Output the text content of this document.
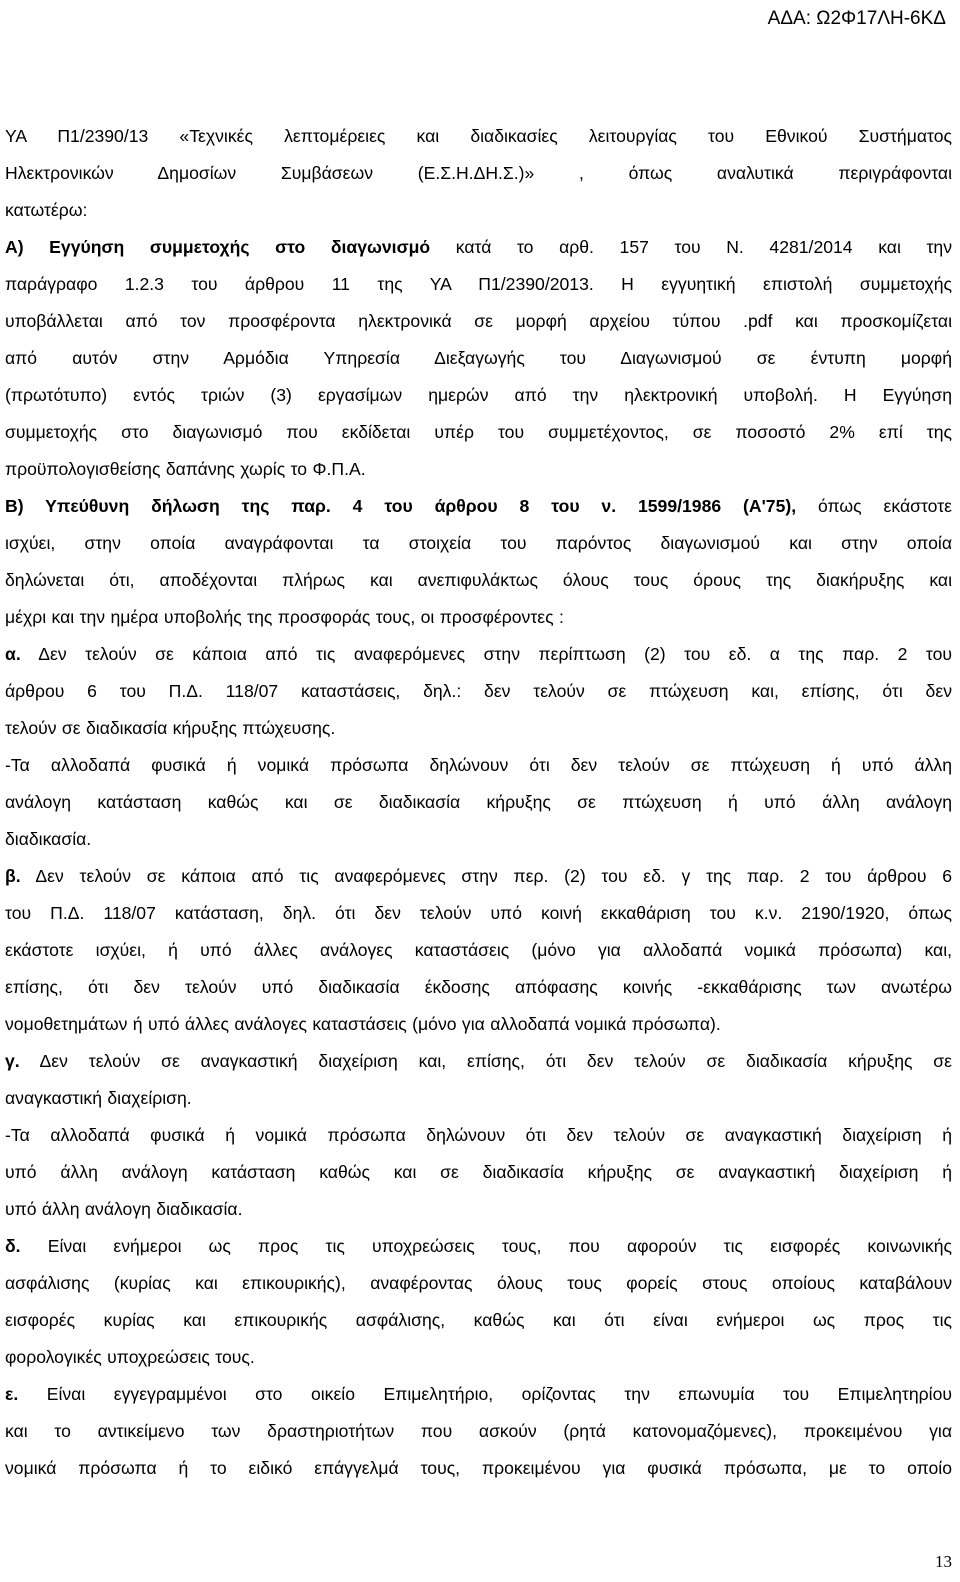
ΑΔΑ: Ω2Φ17ΛΗ-6ΚΔ
ΥΑ Π1/2390/13 «Τεχνικές λεπτομέρειες και διαδικασίες λειτουργίας του Εθνικού Συστήματος
Ηλεκτρονικών Δημοσίων Συμβάσεων (Ε.Σ.Η.ΔΗ.Σ.)» , όπως αναλυτικά περιγράφονται
κατωτέρω:
Α) Εγγύηση συμμετοχής στο διαγωνισμό κατά το αρθ. 157 του Ν. 4281/2014 και την
παράγραφο 1.2.3 του άρθρου 11 της ΥΑ Π1/2390/2013. Η εγγυητική επιστολή συμμετοχής
υποβάλλεται από τον προσφέροντα ηλεκτρονικά σε μορφή αρχείου τύπου .pdf και προσκομίζεται
από αυτόν στην Αρμόδια Υπηρεσία Διεξαγωγής του Διαγωνισμού σε έντυπη μορφή
(πρωτότυπο) εντός τριών (3) εργασίμων ημερών από την ηλεκτρονική υποβολή. Η Εγγύηση
συμμετοχής στο διαγωνισμό που εκδίδεται υπέρ του συμμετέχοντος, σε ποσοστό 2% επί της
προϋπολογισθείσης δαπάνης χωρίς το Φ.Π.Α.
Β) Υπεύθυνη δήλωση της παρ. 4 του άρθρου 8 του ν. 1599/1986 (Α'75), όπως εκάστοτε
ισχύει, στην οποία αναγράφονται τα στοιχεία του παρόντος διαγωνισμού και στην οποία
δηλώνεται ότι, αποδέχονται πλήρως και ανεπιφυλάκτως όλους τους όρους της διακήρυξης και
μέχρι και την ημέρα υποβολής της προσφοράς τους, οι προσφέροντες :
α. Δεν τελούν σε κάποια από τις αναφερόμενες στην περίπτωση (2) του εδ. α της παρ. 2 του
άρθρου 6 του Π.Δ. 118/07 καταστάσεις, δηλ.: δεν τελούν σε πτώχευση και, επίσης, ότι δεν
τελούν σε διαδικασία κήρυξης πτώχευσης.
-Τα αλλοδαπά φυσικά ή νομικά πρόσωπα δηλώνουν ότι δεν τελούν σε πτώχευση ή υπό άλλη
ανάλογη κατάσταση καθώς και σε διαδικασία κήρυξης σε πτώχευση ή υπό άλλη ανάλογη
διαδικασία.
β. Δεν τελούν σε κάποια από τις αναφερόμενες στην περ. (2) του εδ. γ της παρ. 2 του άρθρου 6
του Π.Δ. 118/07 κατάσταση, δηλ. ότι δεν τελούν υπό κοινή εκκαθάριση του κ.ν. 2190/1920, όπως
εκάστοτε ισχύει, ή υπό άλλες ανάλογες καταστάσεις (μόνο για αλλοδαπά νομικά πρόσωπα) και,
επίσης, ότι δεν τελούν υπό διαδικασία έκδοσης απόφασης κοινής -εκκαθάρισης των ανωτέρω
νομοθετημάτων ή υπό άλλες ανάλογες καταστάσεις (μόνο για αλλοδαπά νομικά πρόσωπα).
γ. Δεν τελούν σε αναγκαστική διαχείριση και, επίσης, ότι δεν τελούν σε διαδικασία κήρυξης σε
αναγκαστική διαχείριση.
-Τα αλλοδαπά φυσικά ή νομικά πρόσωπα δηλώνουν ότι δεν τελούν σε αναγκαστική διαχείριση ή
υπό άλλη ανάλογη κατάσταση καθώς και σε διαδικασία κήρυξης σε αναγκαστική διαχείριση ή
υπό άλλη ανάλογη διαδικασία.
δ. Είναι ενήμεροι ως προς τις υποχρεώσεις τους, που αφορούν τις εισφορές κοινωνικής
ασφάλισης (κυρίας και επικουρικής), αναφέροντας όλους τους φορείς στους οποίους καταβάλουν
εισφορές κυρίας και επικουρικής ασφάλισης, καθώς και ότι είναι ενήμεροι ως προς τις
φορολογικές υποχρεώσεις τους.
ε. Είναι εγγεγραμμένοι στο οικείο Επιμελητήριο, ορίζοντας την επωνυμία του Επιμελητηρίου
και το αντικείμενο των δραστηριοτήτων που ασκούν (ρητά κατονομαζόμενες), προκειμένου για
νομικά πρόσωπα ή το ειδικό επάγγελμά τους, προκειμένου για φυσικά πρόσωπα, με το οποίο
13
